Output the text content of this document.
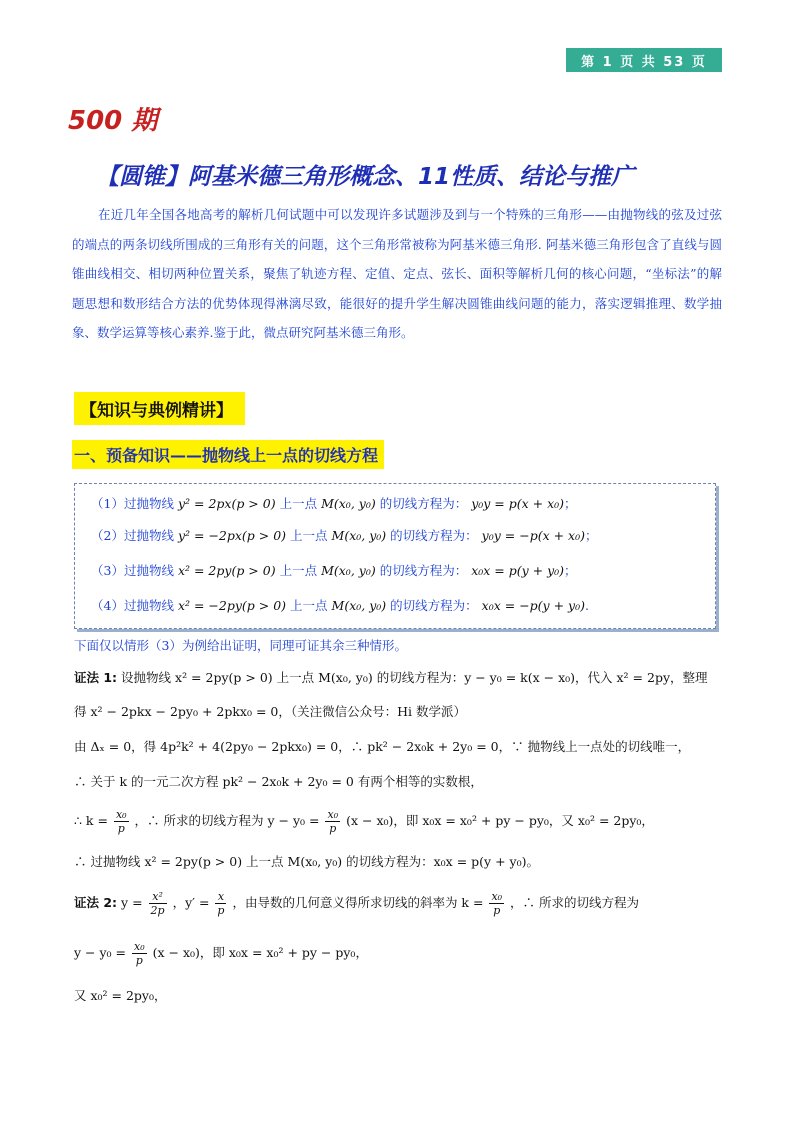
第 1 页 共 53 页
500 期
【圆锥】阿基米德三角形概念、11性质、结论与推广
在近几年全国各地高考的解析几何试题中可以发现许多试题涉及到与一个特殊的三角形——由抛物线的弦及过弦的端点的两条切线所围成的三角形有关的问题，这个三角形常被称为阿基米德三角形. 阿基米德三角形包含了直线与圆锥曲线相交、相切两种位置关系，聚焦了轨迹方程、定值、定点、弦长、面积等解析几何的核心问题，“坐标法”的解题思想和数形结合方法的优势体现得淋漓尽致，能很好的提升学生解决圆锥曲线问题的能力，落实逻辑推理、数学抽象、数学运算等核心素养.鉴于此，微点研究阿基米德三角形。
【知识与典例精讲】
一、预备知识——抛物线上一点的切线方程
（1）过抛物线 y² = 2px(p > 0) 上一点 M(x₀, y₀) 的切线方程为： y₀y = p(x + x₀)；
（2）过抛物线 y² = −2px(p > 0) 上一点 M(x₀, y₀) 的切线方程为： y₀y = −p(x + x₀)；
（3）过抛物线 x² = 2py(p > 0) 上一点 M(x₀, y₀) 的切线方程为： x₀x = p(y + y₀)；
（4）过抛物线 x² = −2py(p > 0) 上一点 M(x₀, y₀) 的切线方程为： x₀x = −p(y + y₀).
下面仅以情形（3）为例给出证明，同理可证其余三种情形。
证法 1: 设抛物线 x² = 2py(p > 0) 上一点 M(x₀, y₀) 的切线方程为：y − y₀ = k(x − x₀)，代入 x² = 2py，整理
得 x² − 2pkx − 2py₀ + 2pkx₀ = 0，（关注微信公众号：Hi 数学派）
由 Δₓ = 0，得 4p²k² + 4(2py₀ − 2pkx₀) = 0，∴ pk² − 2x₀k + 2y₀ = 0，∵ 抛物线上一点处的切线唯一，
∴ 关于 k 的一元二次方程 pk² − 2x₀k + 2y₀ = 0 有两个相等的实数根，
∴ $k = \frac{\text{x₀}}{p}$ ，∴ 所求的切线方程为 $y - y_0 = \frac{\text{x₀}}{p} (x - x_0)$，即 x₀x = x₀² + py − py₀，又 x₀² = 2py₀，
∴ 过抛物线 x² = 2py(p > 0) 上一点 M(x₀, y₀) 的切线方程为：x₀x = p(y + y₀)。
证法 2: $y = \frac{\text{x²}}{2p}$ ，$y' = \frac{x}{p}$ ，由导数的几何意义得所求切线的斜率为 $k = \frac{\text{x₀}}{p}$ ，∴ 所求的切线方程为
$y - y_0 = \frac{\text{x₀}}{p} (x - x_0)$，即 x₀x = x₀² + py − py₀，
又 x₀² = 2py₀，
